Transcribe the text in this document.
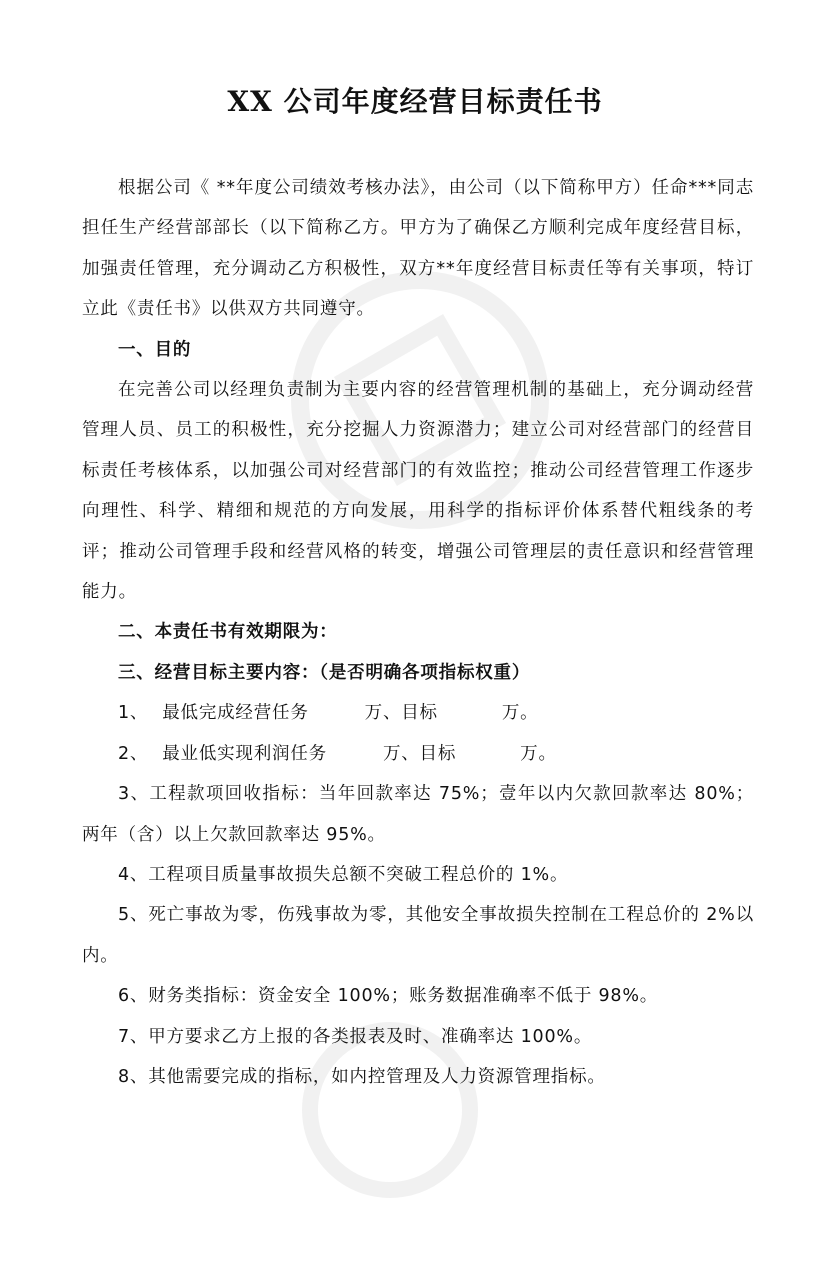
XX 公司年度经营目标责任书

根据公司《 **年度公司绩效考核办法》，由公司（以下简称甲方）任命***同志担任生产经营部部长（以下简称乙方。甲方为了确保乙方顺利完成年度经营目标，加强责任管理，充分调动乙方积极性，双方**年度经营目标责任等有关事项，特订立此《责任书》以供双方共同遵守。

一、目的

在完善公司以经理负责制为主要内容的经营管理机制的基础上，充分调动经营管理人员、员工的积极性，充分挖掘人力资源潜力；建立公司对经营部门的经营目标责任考核体系，以加强公司对经营部门的有效监控；推动公司经营管理工作逐步向理性、科学、精细和规范的方向发展，用科学的指标评价体系替代粗线条的考评；推动公司管理手段和经营风格的转变，增强公司管理层的责任意识和经营管理能力。

二、本责任书有效期限为：

三、经营目标主要内容：（是否明确各项指标权重）

1、 最低完成经营任务	万、目标	万。

2、 最业低实现利润任务	万、目标	万。

3、工程款项回收指标：当年回款率达 75%；壹年以内欠款回款率达 80%； 两年（含）以上欠款回款率达 95%。

4、工程项目质量事故损失总额不突破工程总价的 1%。

5、死亡事故为零，伤残事故为零，其他安全事故损失控制在工程总价的 2%以内。

6、财务类指标：资金安全 100%；账务数据准确率不低于 98%。

7、甲方要求乙方上报的各类报表及时、准确率达 100%。

8、其他需要完成的指标，如内控管理及人力资源管理指标。
